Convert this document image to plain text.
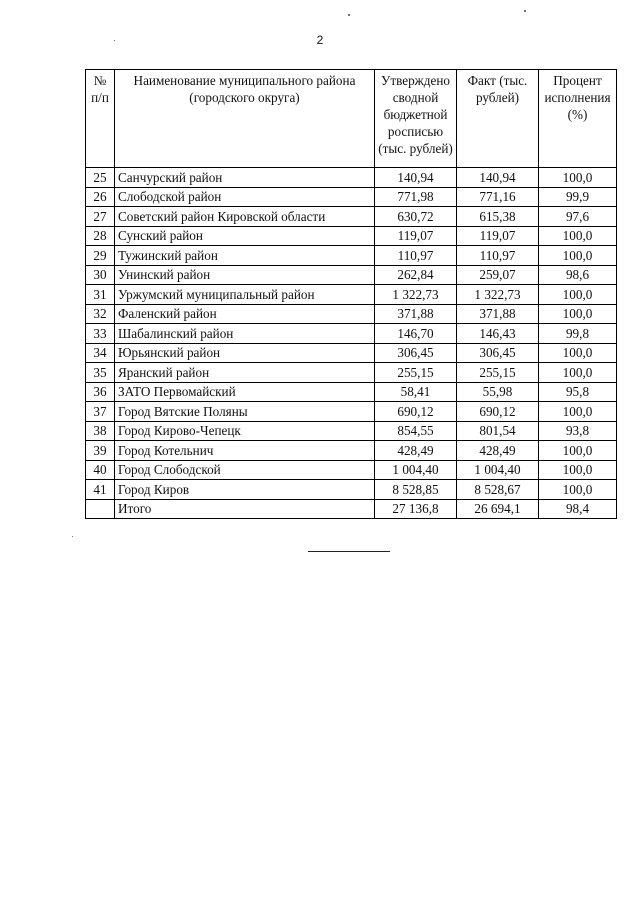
2
№ п/п	Наименование муниципального района (городского округа)	Утверждено сводной бюджетной росписью (тыс. рублей)	Факт (тыс. рублей)	Процент исполнения (%)
25	Санчурский район	140,94	140,94	100,0
26	Слободской район	771,98	771,16	99,9
27	Советский район Кировской области	630,72	615,38	97,6
28	Сунский район	119,07	119,07	100,0
29	Тужинский район	110,97	110,97	100,0
30	Унинский район	262,84	259,07	98,6
31	Уржумский муниципальный район	1 322,73	1 322,73	100,0
32	Фаленский район	371,88	371,88	100,0
33	Шабалинский район	146,70	146,43	99,8
34	Юрьянский район	306,45	306,45	100,0
35	Яранский район	255,15	255,15	100,0
36	ЗАТО Первомайский	58,41	55,98	95,8
37	Город Вятские Поляны	690,12	690,12	100,0
38	Город Кирово-Чепецк	854,55	801,54	93,8
39	Город Котельнич	428,49	428,49	100,0
40	Город Слободской	1 004,40	1 004,40	100,0
41	Город Киров	8 528,85	8 528,67	100,0
	Итого	27 136,8	26 694,1	98,4
